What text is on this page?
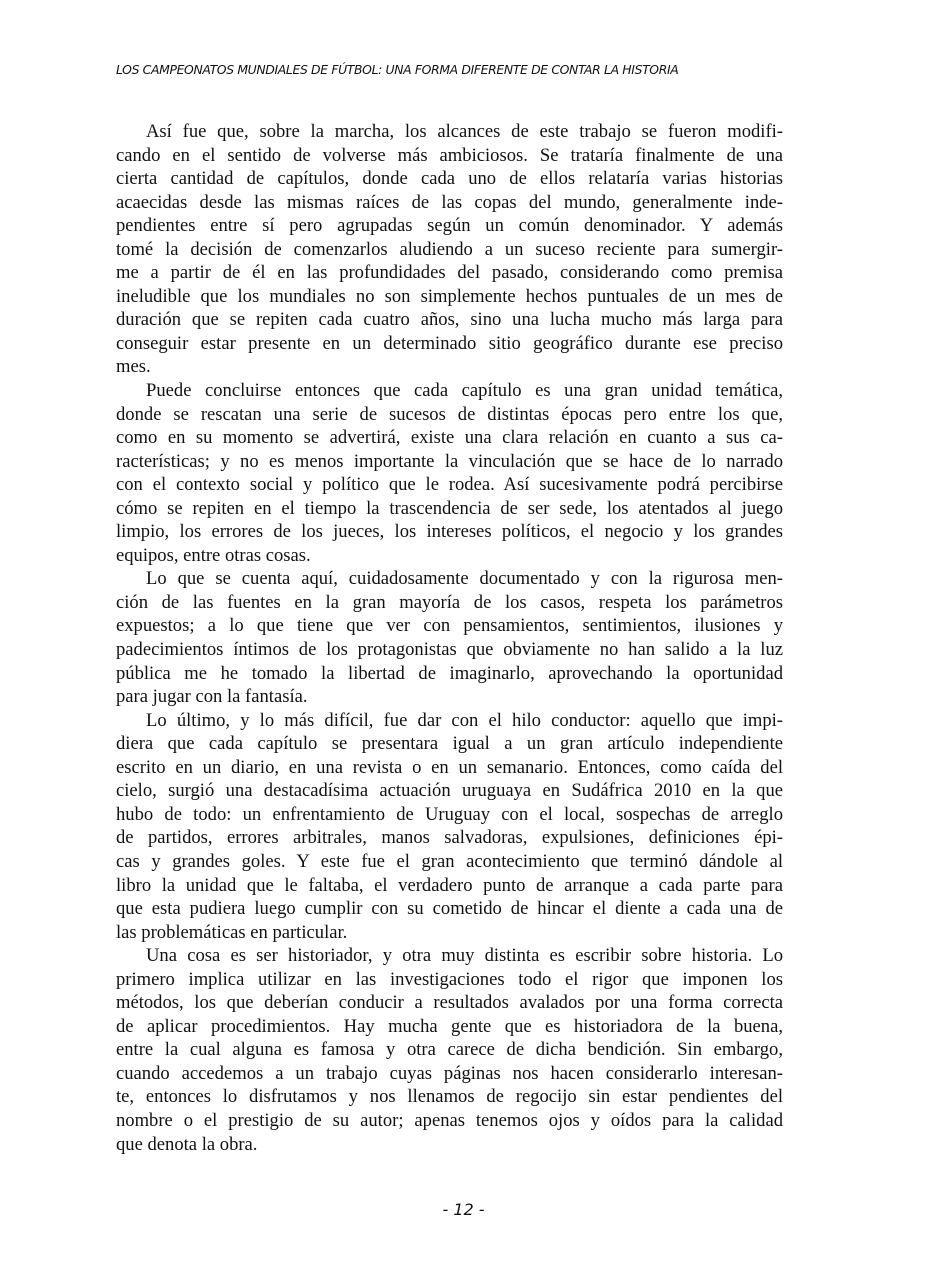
LOS CAMPEONATOS MUNDIALES DE FÚTBOL: UNA FORMA DIFERENTE DE CONTAR LA HISTORIA
Así fue que, sobre la marcha, los alcances de este trabajo se fueron modifi-
cando en el sentido de volverse más ambiciosos. Se trataría finalmente de una
cierta cantidad de capítulos, donde cada uno de ellos relataría varias historias
acaecidas desde las mismas raíces de las copas del mundo, generalmente inde-
pendientes entre sí pero agrupadas según un común denominador. Y además
tomé la decisión de comenzarlos aludiendo a un suceso reciente para sumergir-
me a partir de él en las profundidades del pasado, considerando como premisa
ineludible que los mundiales no son simplemente hechos puntuales de un mes de
duración que se repiten cada cuatro años, sino una lucha mucho más larga para
conseguir estar presente en un determinado sitio geográfico durante ese preciso
mes.
Puede concluirse entonces que cada capítulo es una gran unidad temática,
donde se rescatan una serie de sucesos de distintas épocas pero entre los que,
como en su momento se advertirá, existe una clara relación en cuanto a sus ca-
racterísticas; y no es menos importante la vinculación que se hace de lo narrado
con el contexto social y político que le rodea. Así sucesivamente podrá percibirse
cómo se repiten en el tiempo la trascendencia de ser sede, los atentados al juego
limpio, los errores de los jueces, los intereses políticos, el negocio y los grandes
equipos, entre otras cosas.
Lo que se cuenta aquí, cuidadosamente documentado y con la rigurosa men-
ción de las fuentes en la gran mayoría de los casos, respeta los parámetros
expuestos; a lo que tiene que ver con pensamientos, sentimientos, ilusiones y
padecimientos íntimos de los protagonistas que obviamente no han salido a la luz
pública me he tomado la libertad de imaginarlo, aprovechando la oportunidad
para jugar con la fantasía.
Lo último, y lo más difícil, fue dar con el hilo conductor: aquello que impi-
diera que cada capítulo se presentara igual a un gran artículo independiente
escrito en un diario, en una revista o en un semanario. Entonces, como caída del
cielo, surgió una destacadísima actuación uruguaya en Sudáfrica 2010 en la que
hubo de todo: un enfrentamiento de Uruguay con el local, sospechas de arreglo
de partidos, errores arbitrales, manos salvadoras, expulsiones, definiciones épi-
cas y grandes goles. Y este fue el gran acontecimiento que terminó dándole al
libro la unidad que le faltaba, el verdadero punto de arranque a cada parte para
que esta pudiera luego cumplir con su cometido de hincar el diente a cada una de
las problemáticas en particular.
Una cosa es ser historiador, y otra muy distinta es escribir sobre historia. Lo
primero implica utilizar en las investigaciones todo el rigor que imponen los
métodos, los que deberían conducir a resultados avalados por una forma correcta
de aplicar procedimientos. Hay mucha gente que es historiadora de la buena,
entre la cual alguna es famosa y otra carece de dicha bendición. Sin embargo,
cuando accedemos a un trabajo cuyas páginas nos hacen considerarlo interesan-
te, entonces lo disfrutamos y nos llenamos de regocijo sin estar pendientes del
nombre o el prestigio de su autor; apenas tenemos ojos y oídos para la calidad
que denota la obra.
- 12 -
